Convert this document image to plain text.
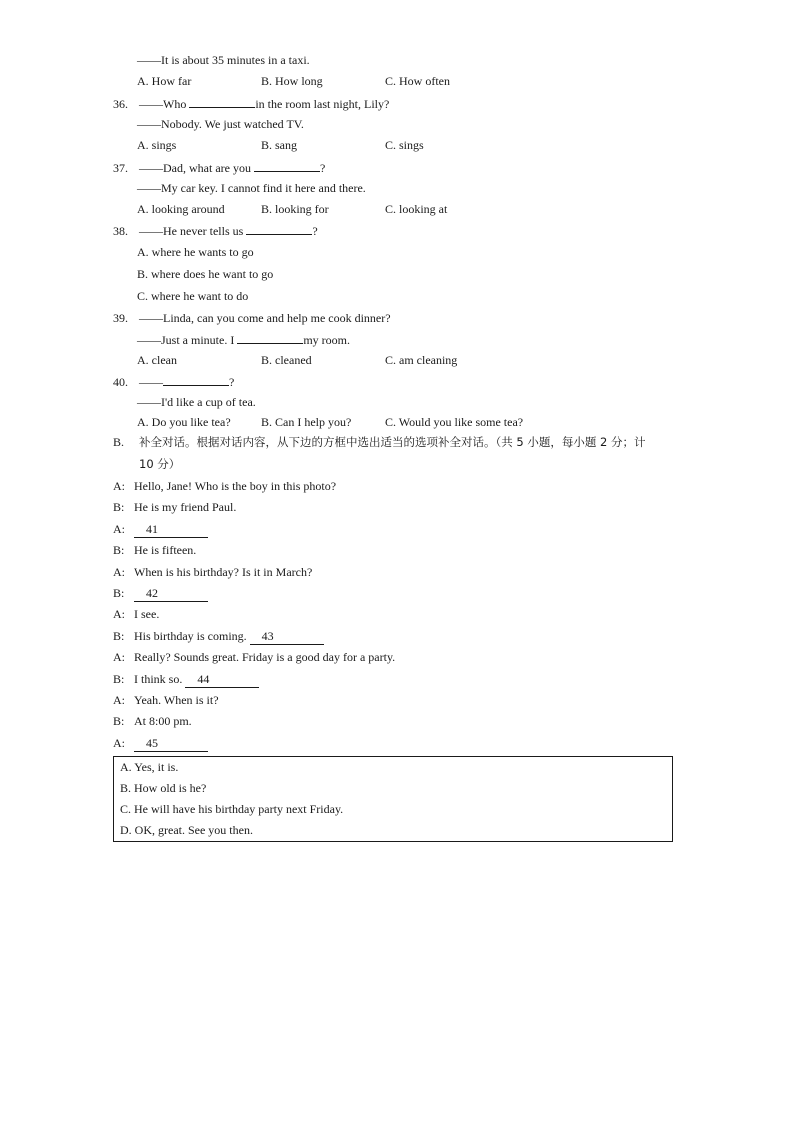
——It is about 35 minutes in a taxi.
A. How far	B. How long	C. How often
36. ——Who	in the room last night, Lily?
——Nobody. We just watched TV.
A. sings	B. sang	C. sings
37. ——Dad, what are you	?
——My car key. I cannot find it here and there.
A. looking around	B. looking for	C. looking at
38. ——He never tells us	?
A. where he wants to go
B. where does he want to go
C. where he want to do
39. ——Linda, can you come and help me cook dinner?
——Just a minute. I	my room.
A. clean	B. cleaned	C. am cleaning
40. ——	?
——I'd like a cup of tea.
A. Do you like tea?	B. Can I help you?	C. Would you like some tea?
B. 补全对话。根据对话内容，从下边的方框中选出适当的选项补全对话。（共 5 小题，每小题 2 分；计
10 分）
A: Hello, Jane! Who is the boy in this photo?
B: He is my friend Paul.
A: 41
B: He is fifteen.
A: When is his birthday? Is it in March?
B: 42
A: I see.
B: His birthday is coming. 43
A: Really? Sounds great. Friday is a good day for a party.
B: I think so. 44
A: Yeah. When is it?
B: At 8:00 pm.
A: 45
A. Yes, it is.
B. How old is he?
C. He will have his birthday party next Friday.
D. OK, great. See you then.
